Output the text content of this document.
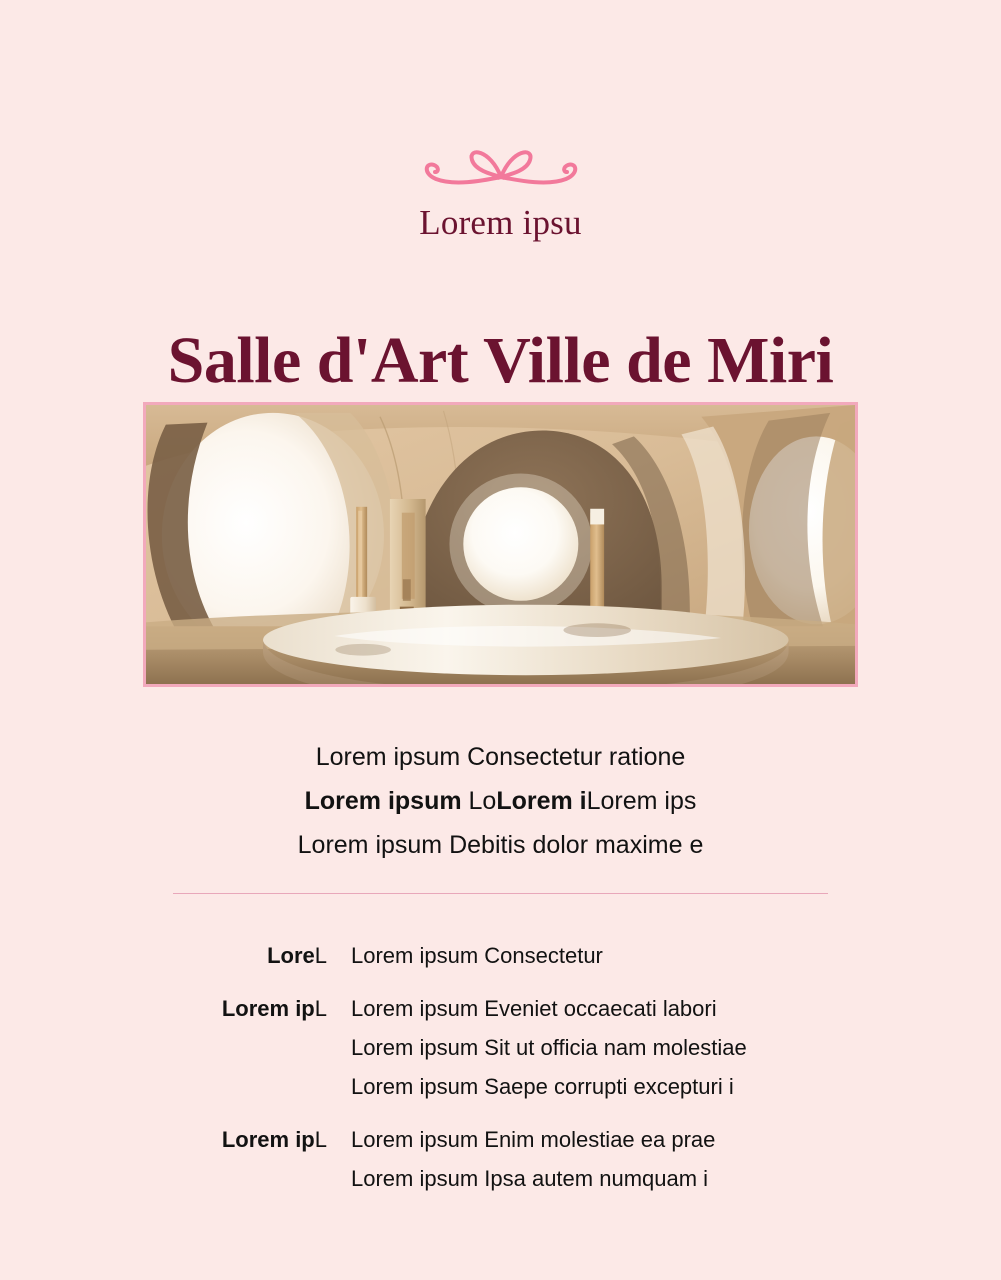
Lorem ipsu
Salle d'Art Ville de Miri
Lorem ipsum Consectetur ratione
Lorem ipsum LoLorem iLorem ips
Lorem ipsum Debitis dolor maxime e
LoreL Lorem ipsum Consectetur
Lorem ipL Lorem ipsum Eveniet occaecati labori
Lorem ipsum Sit ut officia nam molestiae
Lorem ipsum Saepe corrupti excepturi i
Lorem ipL Lorem ipsum Enim molestiae ea prae
Lorem ipsum Ipsa autem numquam i
